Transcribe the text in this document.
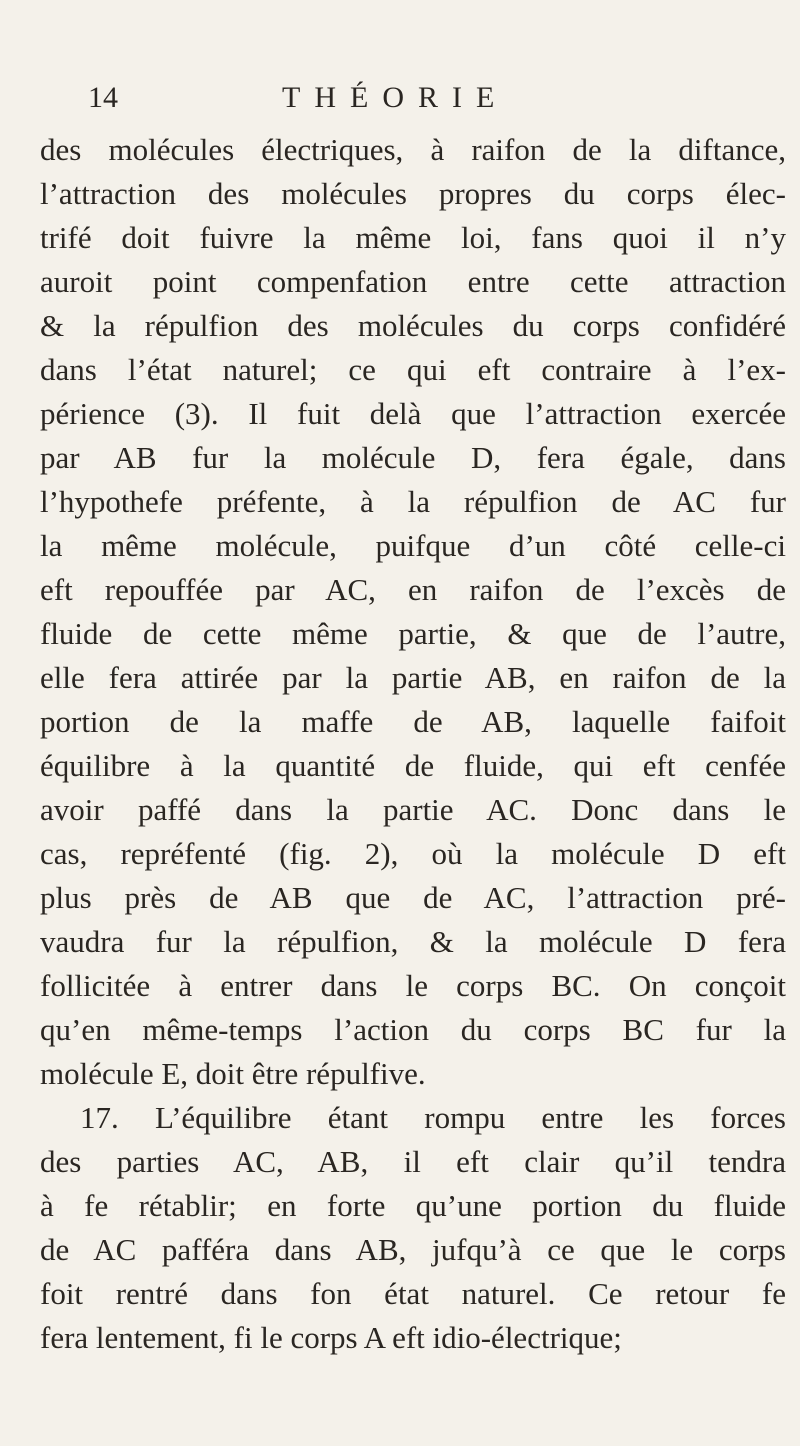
14	THÉORIE
des molécules électriques, à raifon de la diftance,
l’attraction des molécules propres du corps élec-
trifé doit fuivre la même loi, fans quoi il n’y
auroit point compenfation entre cette attraction
& la répulfion des molécules du corps confidéré
dans l’état naturel; ce qui eft contraire à l’ex-
périence (3). Il fuit delà que l’attraction exercée
par AB fur la molécule D, fera égale, dans
l’hypothefe préfente, à la répulfion de AC fur
la même molécule, puifque d’un côté celle-ci
eft repouffée par AC, en raifon de l’excès de
fluide de cette même partie, & que de l’autre,
elle fera attirée par la partie AB, en raifon de la
portion de la maffe de AB, laquelle faifoit
équilibre à la quantité de fluide, qui eft cenfée
avoir paffé dans la partie AC. Donc dans le
cas, repréfenté (fig. 2), où la molécule D eft
plus près de AB que de AC, l’attraction pré-
vaudra fur la répulfion, & la molécule D fera
follicitée à entrer dans le corps BC. On conçoit
qu’en même-temps l’action du corps BC fur la
molécule E, doit être répulfive.
17. L’équilibre étant rompu entre les forces
des parties AC, AB, il eft clair qu’il tendra
à fe rétablir; en forte qu’une portion du fluide
de AC pafféra dans AB, jufqu’à ce que le corps
foit rentré dans fon état naturel. Ce retour fe
fera lentement, fi le corps A eft idio-électrique;
